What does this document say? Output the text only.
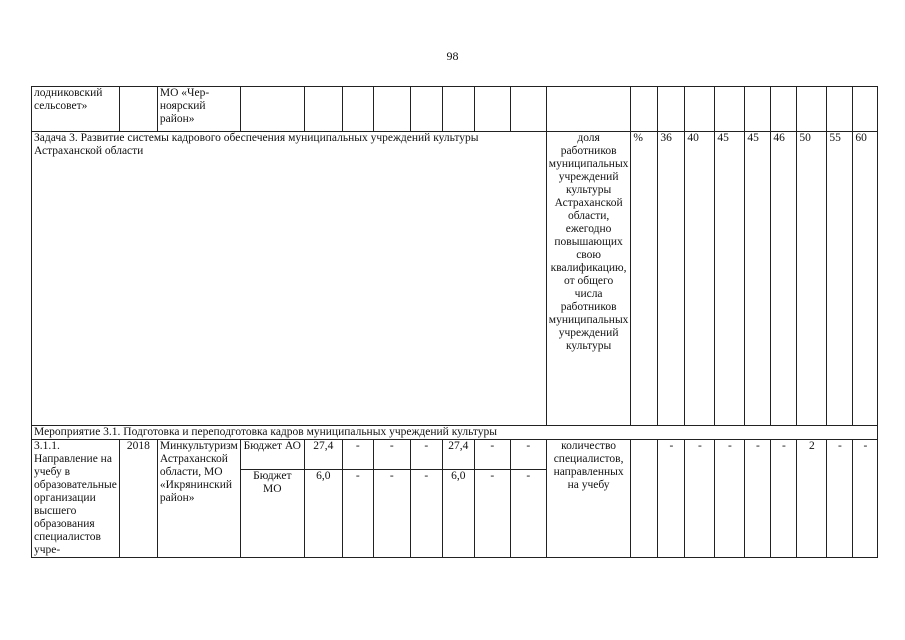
98
лодниковский сельсовет»		МО «Чер-ноярский район»																		
Задача 3. Развитие системы кадрового обеспечения муниципальных учреждений культуры Астраханской области											доля работников муниципальных учреждений культуры Астраханской области, ежегодно повышающих свою квалификацию, от общего числа работников муниципальных учреждений культуры	%	36	40	45	45	46	50	55	60
Мероприятие 3.1. Подготовка и переподготовка кадров муниципальных учреждений культуры																				
3.1.1. Направление на учебу в образовательные организации высшего образования специалистов учре-	2018	Минкультуризм Астраханской области, МО «Икрянинский район»	Бюджет АО	27,4	-	-	-	27,4	-	-	количество специалистов, направленных на учебу		-	-	-	-	-	2	-	-
			Бюджет МО	6,0	-	-	-	6,0	-	-										
